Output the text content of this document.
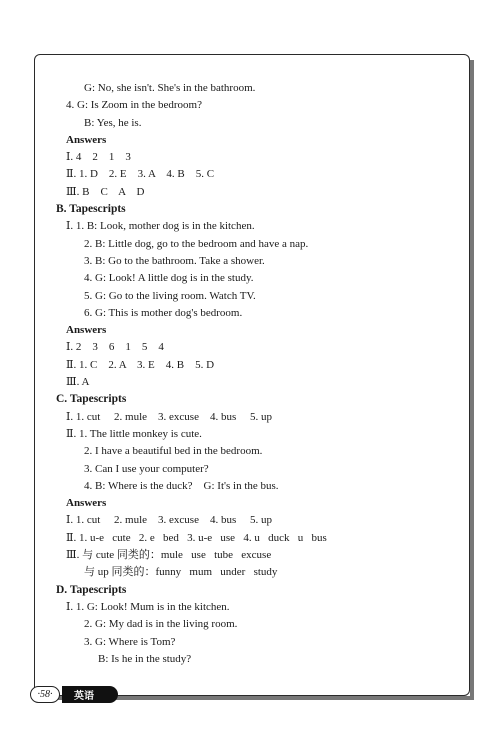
G: No, she isn't. She's in the bathroom.
4. G: Is Zoom in the bedroom?
B: Yes, he is.
Answers
Ⅰ. 4    2    1    3
Ⅱ. 1. D    2. E    3. A    4. B    5. C
Ⅲ. B    C    A    D
B. Tapescripts
Ⅰ. 1. B: Look, mother dog is in the kitchen.
2. B: Little dog, go to the bedroom and have a nap.
3. B: Go to the bathroom. Take a shower.
4. G: Look! A little dog is in the study.
5. G: Go to the living room. Watch TV.
6. G: This is mother dog's bedroom.
Answers
Ⅰ. 2    3    6    1    5    4
Ⅱ. 1. C    2. A    3. E    4. B    5. D
Ⅲ. A
C. Tapescripts
Ⅰ. 1. cut     2. mule    3. excuse    4. bus     5. up
Ⅱ. 1. The little monkey is cute.
2. I have a beautiful bed in the bedroom.
3. Can I use your computer?
4. B: Where is the duck?    G: It's in the bus.
Answers
Ⅰ. 1. cut     2. mule    3. excuse    4. bus     5. up
Ⅱ. 1. u-e   cute   2. e   bed   3. u-e   use   4. u   duck   u   bus
Ⅲ. 与 cute 同类的：mule   use   tube   excuse
与 up 同类的：funny   mum   under   study
D. Tapescripts
Ⅰ. 1. G: Look! Mum is in the kitchen.
2. G: My dad is in the living room.
3. G: Where is Tom?
B: Is he in the study?
·58·	英语
